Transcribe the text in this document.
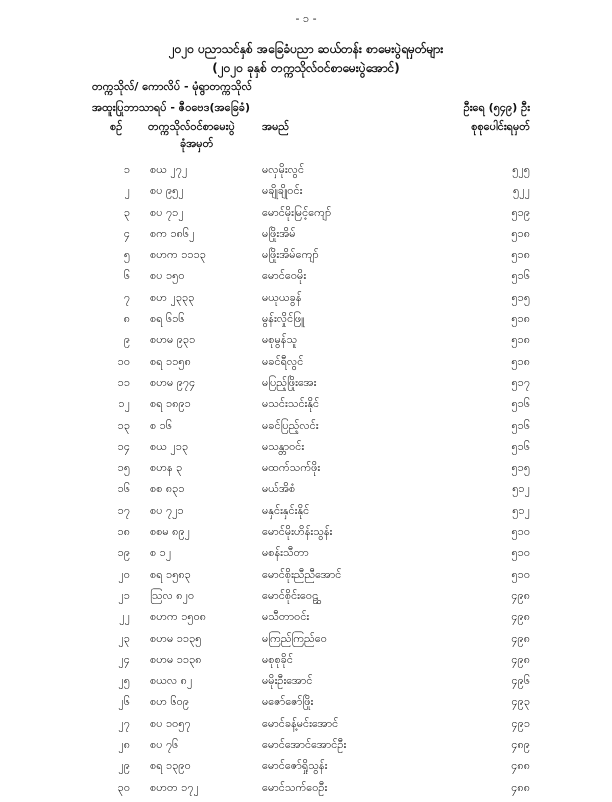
- ၁ -
၂၀၂၀ ပညာသင်နှစ် အခြေခံပညာ ဆယ်တန်း စာမေးပွဲရမှတ်များ
(၂၀၂၀ ခုနှစ် တက္ကသိုလ်ဝင်စာမေးပွဲအောင်)
တက္ကသိုလ်/ ကောလိပ် - မုံရွာတက္ကသိုလ်
အထူးပြုဘာသာရပ် - ဇီဝဗေဒ(အခြေခံ)	ဦးရေ (၅၄၉) ဦး
စဉ် တက္ကသိုလ်ဝင်စာမေးပွဲ
ခုံအမှတ်
အမည်	စုစုပေါင်းရမှတ်
၁ စယ ၂၇၂	မလှမိုးလွင်	၅၂၅
၂ စပ ၉၅၂	မချိုချိုဝင်း	၅၂၂
၃ စပ ၇၁၂	မောင်မိုးမြင့်ကျော်	၅၁၉
၄ စက ၁၈၆၂	မဖြိုးအိမ်	၅၁၈
၅ စဟက ၁၁၁၃	မဖြိုးအိမ်ကျော်	၅၁၈
၆ စပ ၁၅၀	မောင်ဝေမိုး	၅၁၆
၇ စဟ ၂၃၃၃	မယုယခွန်	၅၁၅
၈ စရ ၆၁၆	မွန်းလှိုင်ဖြူ	၅၁၈
၉ စဟမ ၉၃၁	မစုမွန်သူ	၅၁၈
၁၀ စရ ၁၁၅၈	မခင်ရီလွင်	၅၁၈
၁၁ စဟမ ၉၇၄	မပြည့်ဖြိုးအေး	၅၁၇
၁၂ စရ ၁၈၉၁	မသင်းသင်းနိုင်	၅၁၆
၁၃ စ ၁၆	မခင်ပြည့်လင်း	၅၁၆
၁၄ စယ ၂၁၃	မသန္တာဝင်း	၅၁၆
၁၅ စဟန ၃	မထက်သက်ဖိုး	၅၁၅
၁၆ စစ ၈၃၁	မယ်အိစံ	၅၁၂
၁၇ စပ ၇၂၁	မနှင်းနှင်းနိုင်	၅၁၂
၁၈ စစမ ၈၉၂	မောင်မိုးဟိန်းသွန်း	၅၁၀
၁၉ စ ၁၂	မစန်းသီတာ	၅၁၀
၂၀ စရ ၁၅၈၃	မောင်စိုးညီညီအောင်	၅၁၀
၂၁ ဩလ ၈၂၀	မောင်စိုင်းဝေဠွ	၄၉၈
၂၂ စဟက ၁၅၀၈	မသီတာဝင်း	၄၉၈
၂၃ စဟမ ၁၁၃၅	မကြည်ကြည်ဝေ	၄၉၈
၂၄ စဟမ ၁၁၃၈	မစုစုခိုင်	၄၉၈
၂၅ စယလ ၈၂	မမိုးဦးအောင်	၄၉၆
၂၆ စဟ ၆၀၉	မဇော်ဇော်ဖြိုး	၄၉၃
၂၇ စပ ၁၀၅၇	မောင်ခန့်မင်းအောင်	၄၉၁
၂၈ စပ ၇၆	မောင်အောင်အောင်ဦး	၄၈၉
၂၉ စရ ၁၃၉၀	မောင်ဇော်ရှိုသွန်း	၄၈၈
၃၀ စဟတ ၁၇၂	မောင်သက်ဝေဦး	၄၈၈
